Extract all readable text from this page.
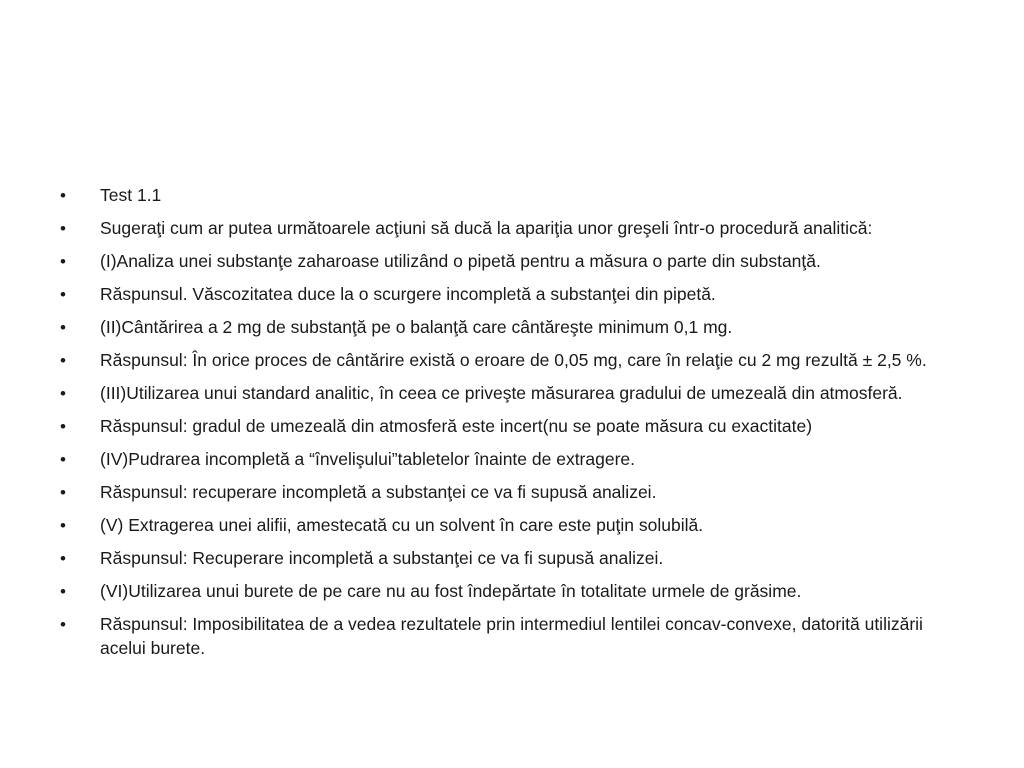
• Test 1.1
• Sugeraţi cum ar putea următoarele acţiuni să ducă la apariţia unor greşeli într-o procedură analitică:
• (I)Analiza unei substanţe zaharoase utilizând o pipetă pentru a măsura o parte din substanţă.
• Răspunsul. Văscozitatea duce la o scurgere incompletă a substanţei din pipetă.
• (II)Cântărirea a 2 mg de substanţă pe o balanţă care cântăreşte minimum 0,1 mg.
• Răspunsul: În orice proces de cântărire există o eroare de 0,05 mg, care în relaţie cu 2 mg rezultă ± 2,5 %.
• (III)Utilizarea unui standard analitic, în ceea ce priveşte măsurarea gradului de umezeală din atmosferă.
• Răspunsul: gradul de umezeală din atmosferă este incert(nu se poate măsura cu exactitate)
• (IV)Pudrarea incompletă a “învelişului”tabletelor înainte de extragere.
• Răspunsul: recuperare incompletă a substanţei ce va fi supusă analizei.
• (V) Extragerea unei alifii, amestecată cu un solvent în care este puţin solubilă.
• Răspunsul: Recuperare incompletă a substanţei ce va fi supusă analizei.
• (VI)Utilizarea unui burete de pe care nu au fost îndepărtate în totalitate urmele de grăsime.
• Răspunsul: Imposibilitatea de a vedea rezultatele prin intermediul lentilei concav-convexe, datorită utilizării acelui burete.
